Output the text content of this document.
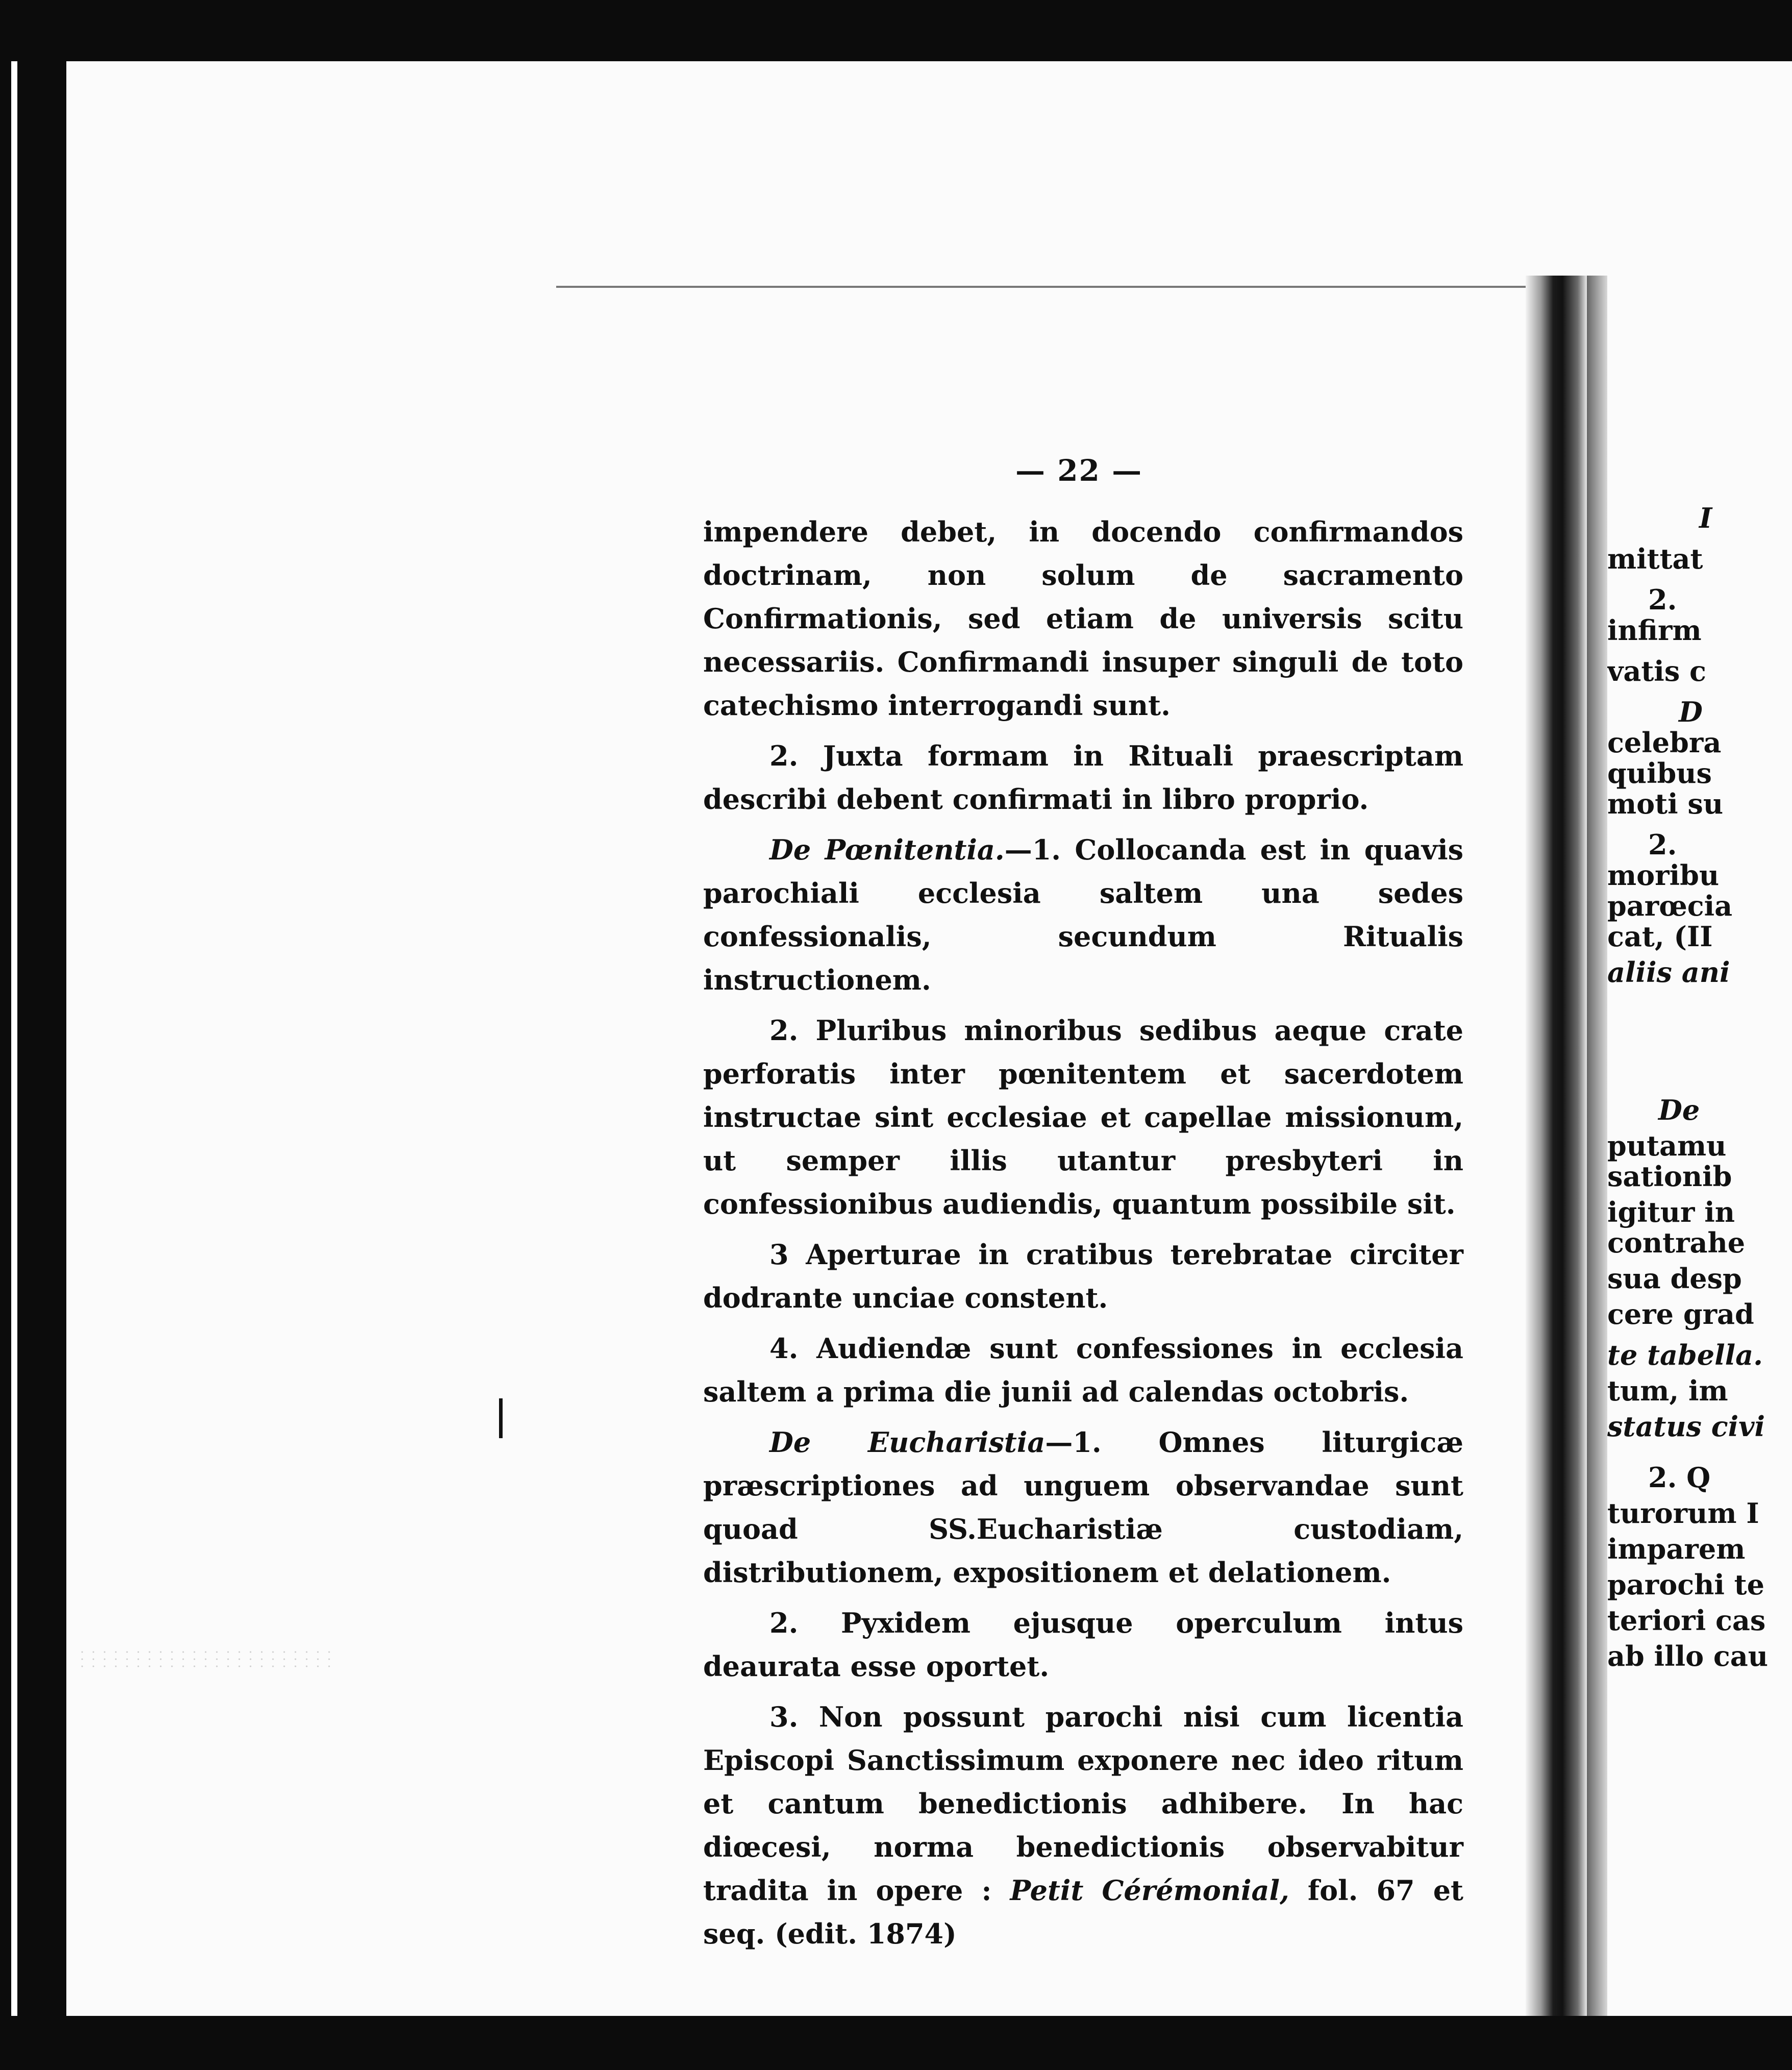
— 22 —

impendere debet, in docendo confirmandos doctrinam, non solum de sacramento Confirmationis, sed etiam de universis scitu necessariis. Confirmandi insuper singuli de toto catechismo interrogandi sunt.

2. Juxta formam in Rituali praescriptam describi debent confirmati in libro proprio.

De Pœnitentia.—1. Collocanda est in quavis parochiali ecclesia saltem una sedes confessionalis, secundum Ritualis instructionem.

2. Pluribus minoribus sedibus aeque crate perforatis inter pœnitentem et sacerdotem instructae sint ecclesiae et capellae missionum, ut semper illis utantur presbyteri in confessionibus audiendis, quantum possibile sit.

3 Aperturae in cratibus terebratae circiter dodrante unciae constent.

4. Audiendæ sunt confessiones in ecclesia saltem a prima die junii ad calendas octobris.

De Eucharistia—1. Omnes liturgicæ præscriptiones ad unguem observandae sunt quoad SS.Eucharistiæ custodiam, distributionem, expositionem et delationem.

2. Pyxidem ejusque operculum intus deaurata esse oportet.

3. Non possunt parochi nisi cum licentia Episcopi Sanctissimum exponere nec ideo ritum et cantum benedictionis adhibere. In hac diœcesi, norma benedictionis observabitur tradita in opere : Petit Cérémonial, fol. 67 et seq. (edit. 1874)

I
mittat
2.
infirm
vatis c
D
celebra
quibus
moti su
2.
moribu
parœcia
cat, (II
aliis ani
De
putamu
sationib
igitur in
contrahe
sua desp
cere grad
te tabella.
tum, im
status civi
2. Q
turorum I
imparem
parochi te
teriori cas
ab illo cau
